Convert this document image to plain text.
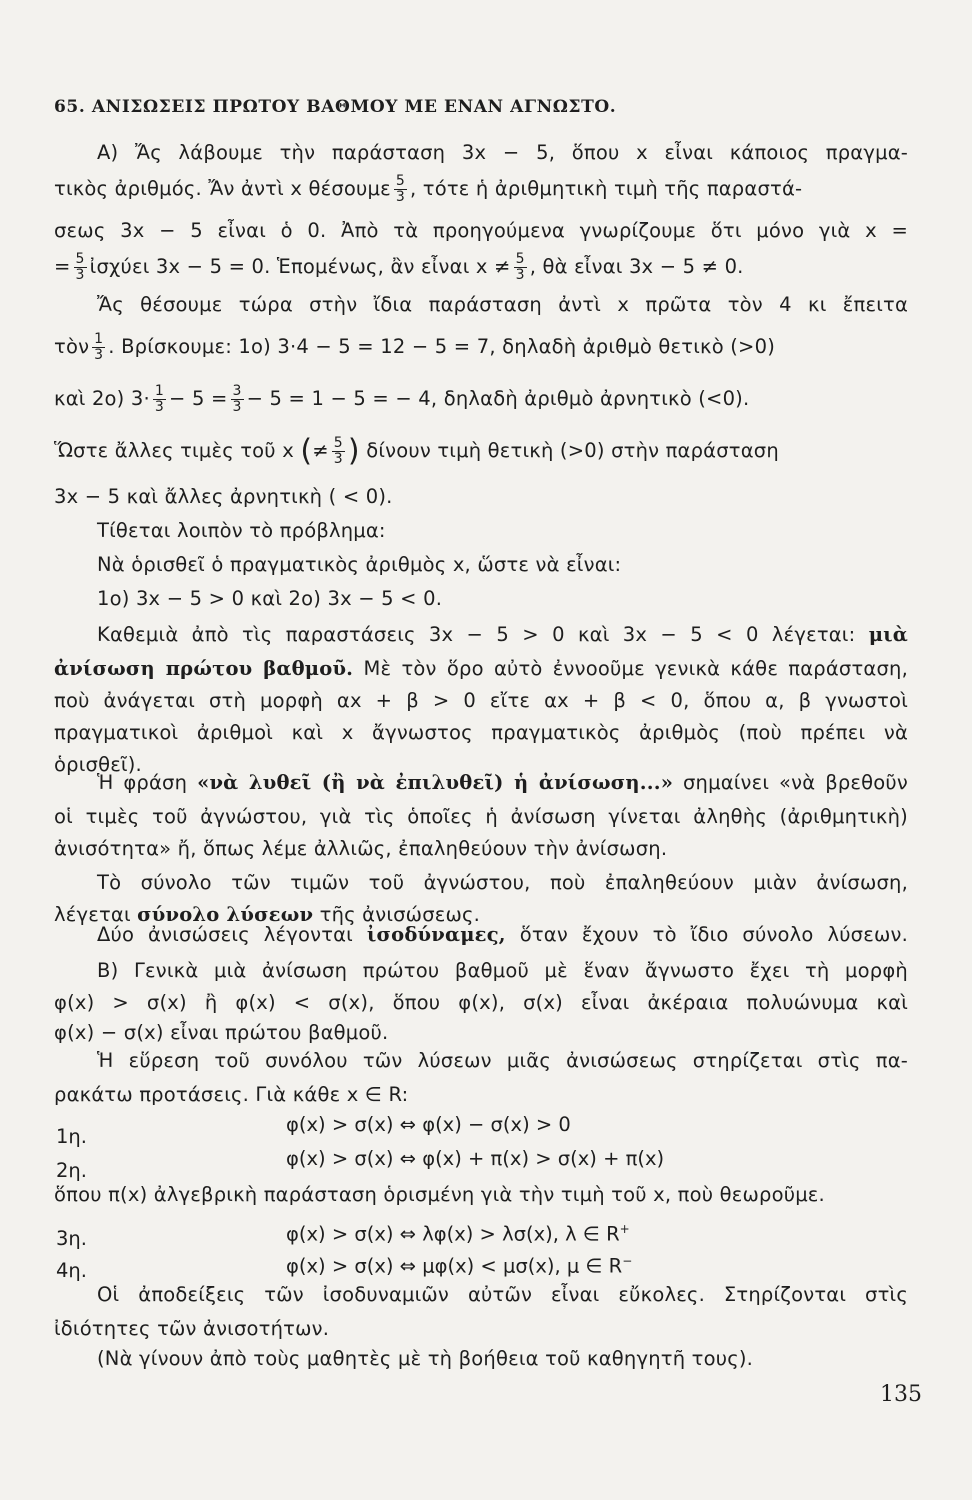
65. ΑΝΙΣΩΣΕΙΣ ΠΡΩΤΟΥ ΒΑΘΜΟΥ ΜΕ ΕΝΑΝ ΑΓΝΩΣΤΟ.
A) Ἄς λάβουμε τὴν παράσταση 3x − 5, ὅπου x εἶναι κάποιος πραγμα-
τικὸς ἀριθμός. Ἄν ἀντὶ x θέσουμε $\frac{5}{3}$ , τότε ἡ ἀριθμητικὴ τιμὴ τῆς παραστά-
σεως 3x − 5 εἶναι ὁ 0. Ἀπὸ τὰ προηγούμενα γνωρίζουμε ὅτι μόνο γιὰ x =
= $\frac{5}{3}$ ἰσχύει 3x − 5 = 0. Ἑπομένως, ἂν εἶναι $x \ne \frac{5}{3}$ , θὰ εἶναι 3x − 5 ≠ 0.
Ἄς θέσουμε τώρα στὴν ἴδια παράσταση ἀντὶ x πρῶτα τὸν 4 κι ἔπειτα
τὸν $\frac{1}{3}$ . Βρίσκουμε: 1ο) 3·4 − 5 = 12 − 5 = 7, δηλαδὴ ἀριθμὸ θετικὸ (>0)
καὶ 2ο) $3\cdot \frac{1}{3} - 5 = \frac{3}{3} - 5 = 1 - 5$ = − 4, δηλαδὴ ἀριθμὸ ἀρνητικὸ (<0).
Ὥστε ἄλλες τιμὲς τοῦ x (≠ $\frac{5}{3}$ ) δίνουν τιμὴ θετικὴ (>0) στὴν παράσταση
3x − 5 καὶ ἄλλες ἀρνητικὴ ( < 0).
Τίθεται λοιπὸν τὸ πρόβλημα:
Νὰ ὁρισθεῖ ὁ πραγματικὸς ἀριθμὸς x, ὥστε νὰ εἶναι:
1ο) 3x − 5 > 0 καὶ 2ο) 3x − 5 < 0.
Καθεμιὰ ἀπὸ τὶς παραστάσεις 3x − 5 > 0 καὶ 3x − 5 < 0 λέγεται: μιὰ
ἀνίσωση πρώτου βαθμοῦ. Μὲ τὸν ὅρο αὐτὸ ἐννοοῦμε γενικὰ κάθε παράσταση,
ποὺ ἀνάγεται στὴ μορφὴ αx + β > 0 εἴτε αx + β < 0, ὅπου α, β γνωστοὶ
πραγματικοὶ ἀριθμοὶ καὶ x ἄγνωστος πραγματικὸς ἀριθμὸς (ποὺ πρέπει νὰ
ὁρισθεῖ).
Ἡ φράση «νὰ λυθεῖ (ἢ νὰ ἐπιλυθεῖ) ἡ ἀνίσωση...» σημαίνει «νὰ βρεθοῦν
οἱ τιμὲς τοῦ ἀγνώστου, γιὰ τὶς ὁποῖες ἡ ἀνίσωση γίνεται ἀληθὴς (ἀριθμητικὴ)
ἀνισότητα» ἤ, ὅπως λέμε ἀλλιῶς, ἐπαληθεύουν τὴν ἀνίσωση.
Τὸ σύνολο τῶν τιμῶν τοῦ ἀγνώστου, ποὺ ἐπαληθεύουν μιὰν ἀνίσωση,
λέγεται σύνολο λύσεων τῆς ἀνισώσεως.
Δύο ἀνισώσεις λέγονται ἰσοδύναμες, ὅταν ἔχουν τὸ ἴδιο σύνολο λύσεων.
B) Γενικὰ μιὰ ἀνίσωση πρώτου βαθμοῦ μὲ ἕναν ἄγνωστο ἔχει τὴ μορφὴ
φ(x) > σ(x) ἢ φ(x) < σ(x), ὅπου φ(x), σ(x) εἶναι ἀκέραια πολυώνυμα καὶ
φ(x) − σ(x) εἶναι πρώτου βαθμοῦ.
Ἡ εὕρεση τοῦ συνόλου τῶν λύσεων μιᾶς ἀνισώσεως στηρίζεται στὶς πα-
ρακάτω προτάσεις. Γιὰ κάθε x ∈ R:
1η.
φ(x) > σ(x) ⇔ φ(x) − σ(x) > 0
2η.
φ(x) > σ(x) ⇔ φ(x) + π(x) > σ(x) + π(x)
ὅπου π(x) ἀλγεβρικὴ παράσταση ὁρισμένη γιὰ τὴν τιμὴ τοῦ x, ποὺ θεωροῦμε.
3η.	φ(x) > σ(x) ⇔ λφ(x) > λσ(x), λ ∈ R+
4η.	φ(x) > σ(x) ⇔ μφ(x) < μσ(x), μ ∈ R−
Οἱ ἀποδείξεις τῶν ἰσοδυναμιῶν αὐτῶν εἶναι εὔκολες. Στηρίζονται στὶς
ἰδιότητες τῶν ἀνισοτήτων.
(Νὰ γίνουν ἀπὸ τοὺς μαθητὲς μὲ τὴ βοήθεια τοῦ καθηγητῆ τους).
135
